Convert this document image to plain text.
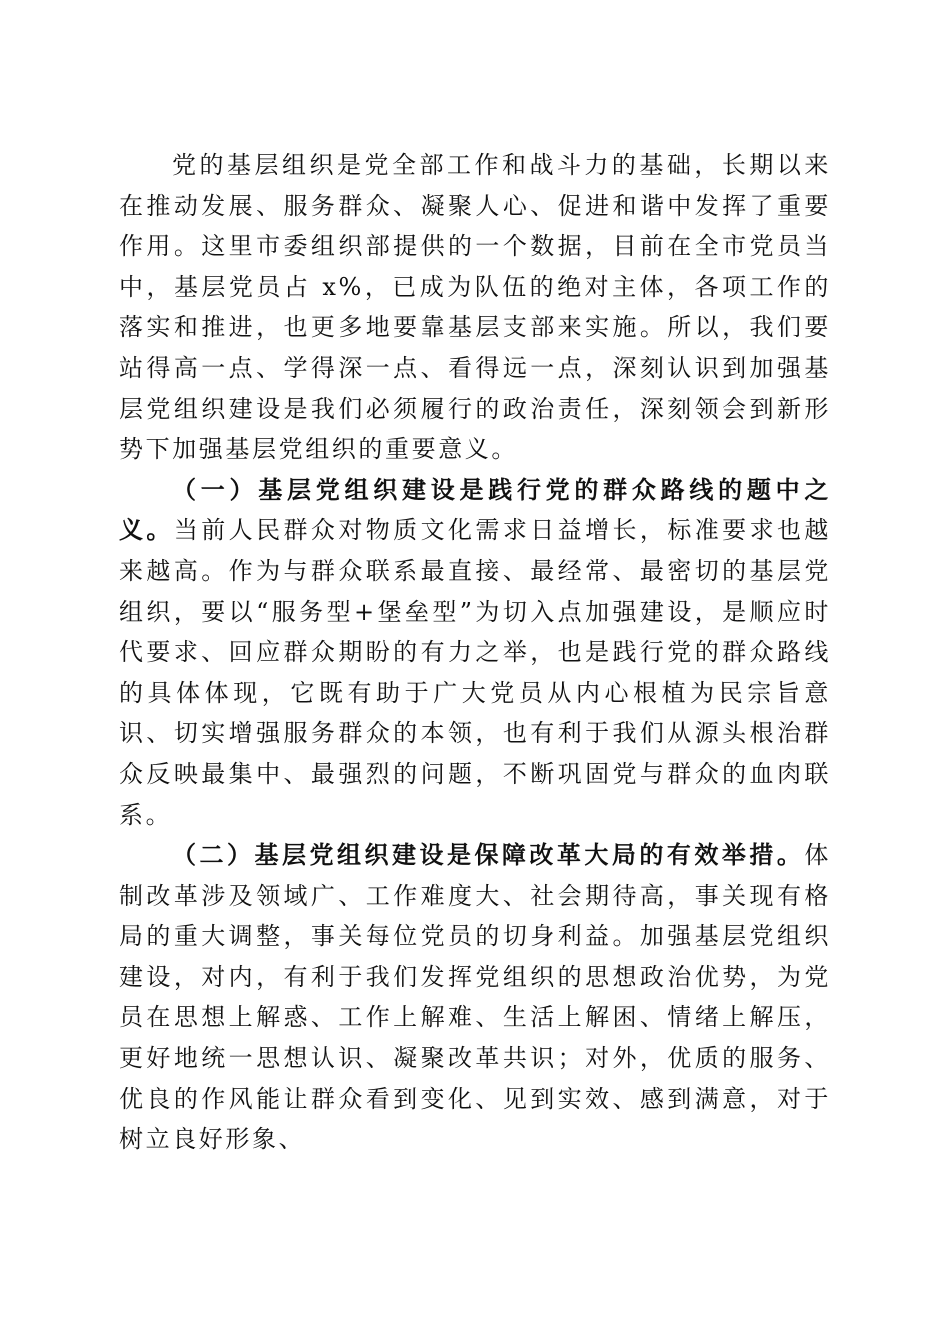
党的基层组织是党全部工作和战斗力的基础，长期以来在推动发展、服务群众、凝聚人心、促进和谐中发挥了重要作用。这里市委组织部提供的一个数据，目前在全市党员当中，基层党员占 x%，已成为队伍的绝对主体，各项工作的落实和推进，也更多地要靠基层支部来实施。所以，我们要站得高一点、学得深一点、看得远一点，深刻认识到加强基层党组织建设是我们必须履行的政治责任，深刻领会到新形势下加强基层党组织的重要意义。

（一）基层党组织建设是践行党的群众路线的题中之义。当前人民群众对物质文化需求日益增长，标准要求也越来越高。作为与群众联系最直接、最经常、最密切的基层党组织，要以“服务型+堡垒型”为切入点加强建设，是顺应时代要求、回应群众期盼的有力之举，也是践行党的群众路线的具体体现，它既有助于广大党员从内心根植为民宗旨意识、切实增强服务群众的本领，也有利于我们从源头根治群众反映最集中、最强烈的问题，不断巩固党与群众的血肉联系。

（二）基层党组织建设是保障改革大局的有效举措。体制改革涉及领域广、工作难度大、社会期待高，事关现有格局的重大调整，事关每位党员的切身利益。加强基层党组织建设，对内，有利于我们发挥党组织的思想政治优势，为党员在思想上解惑、工作上解难、生活上解困、情绪上解压，更好地统一思想认识、凝聚改革共识；对外，优质的服务、优良的作风能让群众看到变化、见到实效、感到满意，对于树立良好形象、
